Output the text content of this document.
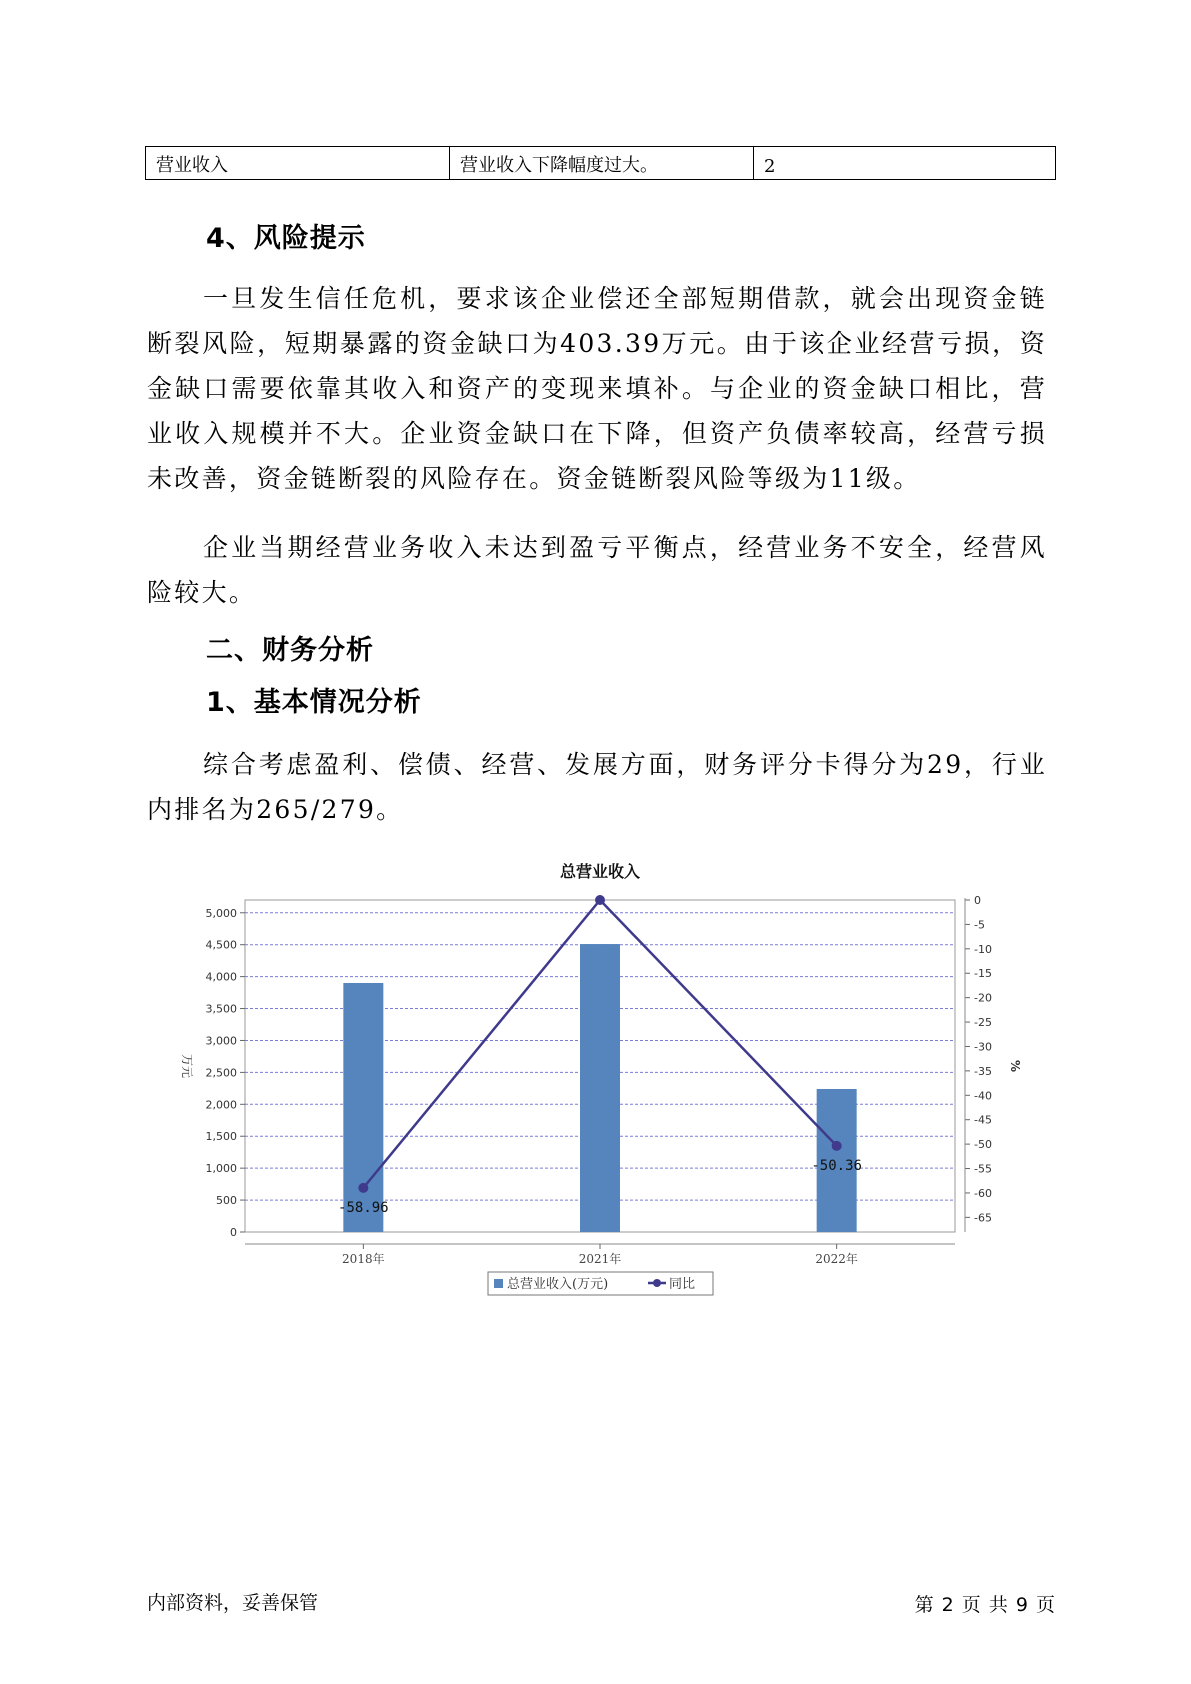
营业收入	营业收入下降幅度过大。	2
4、风险提示

一旦发生信任危机，要求该企业偿还全部短期借款，就会出现资金链断裂风险，短期暴露的资金缺口为403.39万元。由于该企业经营亏损，资金缺口需要依靠其收入和资产的变现来填补。与企业的资金缺口相比，营业收入规模并不大。企业资金缺口在下降，但资产负债率较高，经营亏损未改善，资金链断裂的风险存在。资金链断裂风险等级为11级。

企业当期经营业务收入未达到盈亏平衡点，经营业务不安全，经营风险较大。

二、财务分析
1、基本情况分析

综合考虑盈利、偿债、经营、发展方面，财务评分卡得分为29，行业内排名为265/279。

总营业收入
0
500
1,000
1,500
2,000
2,500
3,000
3,500
4,000
4,500
5,000
0
-5
-10
-15
-20
-25
-30
-35
-40
-45
-50
-55
-60
-65
万元	%
2018年	2021年	2022年
-58.96
-50.36
总营业收入(万元)	同比
内部资料，妥善保管	第 2 页 共 9 页
